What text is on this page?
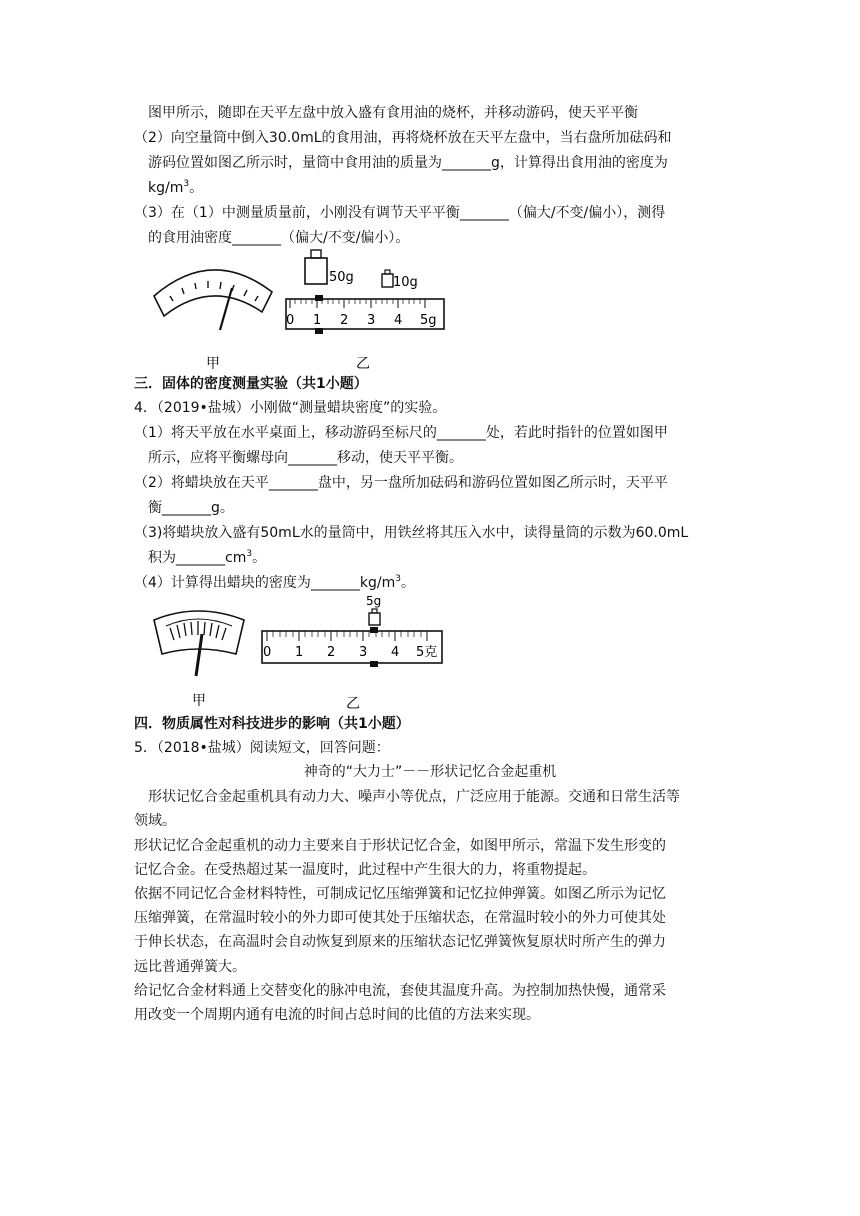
图甲所示，随即在天平左盘中放入盛有食用油的烧杯，并移动游码，使天平平衡
（2）向空量筒中倒入30.0mL的食用油，再将烧杯放在天平左盘中，当右盘所加砝码和
游码位置如图乙所示时，量筒中食用油的质量为_______g，计算得出食用油的密度为
$kg/m^3$。
（3）在（1）中测量质量前，小刚没有调节天平平衡_______（偏大/不变/偏小），测得
的食用油密度_______（偏大/不变/偏小）。
50g	10g
0 1 2 3 4 5g
甲	乙
三．固体的密度测量实验（共1小题）
4．（2019•盐城）小刚做“测量蜡块密度”的实验。
（1）将天平放在水平桌面上，移动游码至标尺的_______处，若此时指针的位置如图甲
所示，应将平衡螺母向_______移动，使天平平衡。
（2）将蜡块放在天平_______盘中，另一盘所加砝码和游码位置如图乙所示时，天平平
衡_______g。
（3)将蜡块放入盛有50mL水的量筒中，用铁丝将其压入水中，读得量筒的示数为60.0mL
积为$\_\_\_\_\_\_\_cm^3$。
（4）计算得出蜡块的密度为$\_\_\_\_\_\_\_kg/m^3$。
5g
0 1 2 3 4 5克
甲	乙
四．物质属性对科技进步的影响（共1小题）
5．（2018•盐城）阅读短文，回答问题：
神奇的“大力士”－－形状记忆合金起重机
形状记忆合金起重机具有动力大、噪声小等优点，广泛应用于能源。交通和日常生活等
领域。
形状记忆合金起重机的动力主要来自于形状记忆合金，如图甲所示，常温下发生形变的
记忆合金。在受热超过某一温度时，此过程中产生很大的力，将重物提起。
依据不同记忆合金材料特性，可制成记忆压缩弹簧和记忆拉伸弹簧。如图乙所示为记忆
压缩弹簧，在常温时较小的外力即可使其处于压缩状态，在常温时较小的外力可使其处
于伸长状态，在高温时会自动恢复到原来的压缩状态记忆弹簧恢复原状时所产生的弹力
远比普通弹簧大。
给记忆合金材料通上交替变化的脉冲电流，套使其温度升高。为控制加热快慢，通常采
用改变一个周期内通有电流的时间占总时间的比值的方法来实现。
